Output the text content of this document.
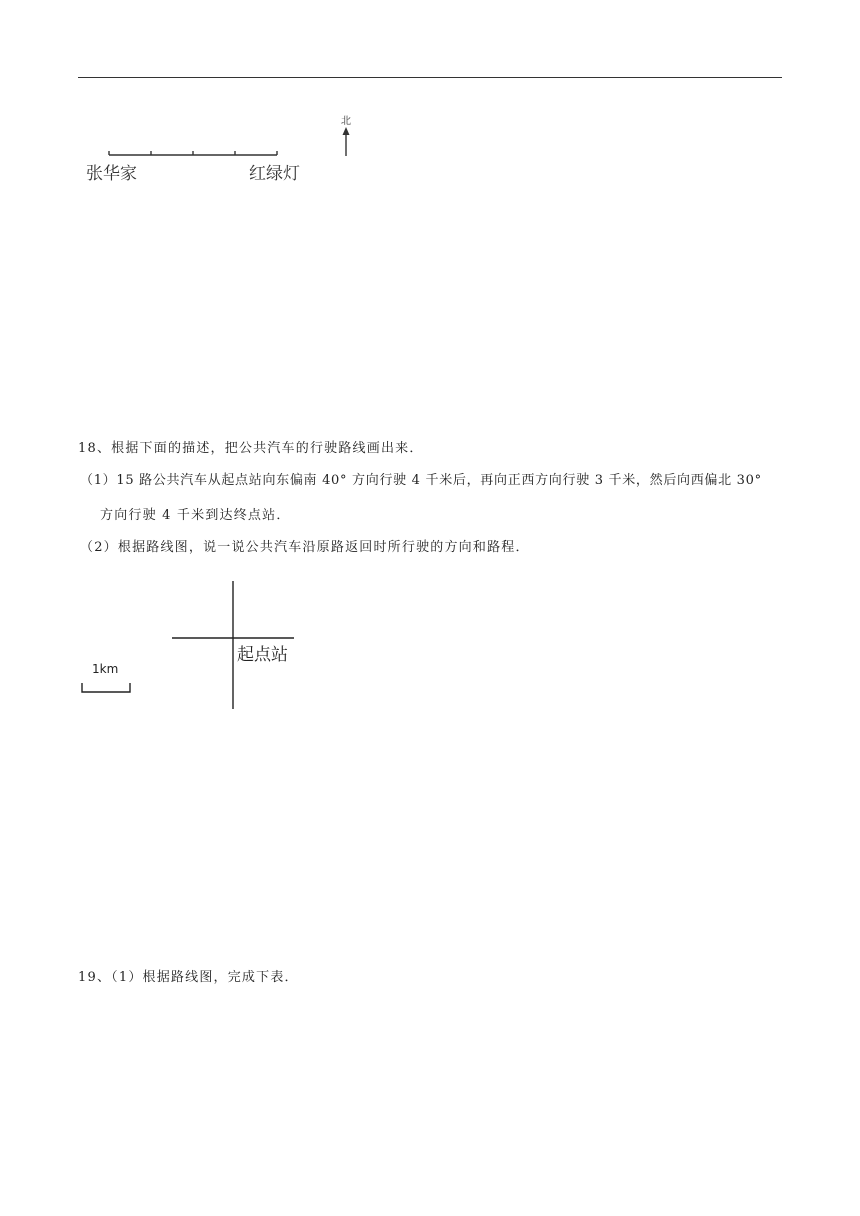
北
张华家	红绿灯
18、根据下面的描述，把公共汽车的行驶路线画出来．
（1）15 路公共汽车从起点站向东偏南 40° 方向行驶 4 千米后，再向正西方向行驶 3 千米，然后向西偏北 30°
方向行驶 4 千米到达终点站．
（2）根据路线图，说一说公共汽车沿原路返回时所行驶的方向和路程．
1km
起点站
19、（1）根据路线图，完成下表．
